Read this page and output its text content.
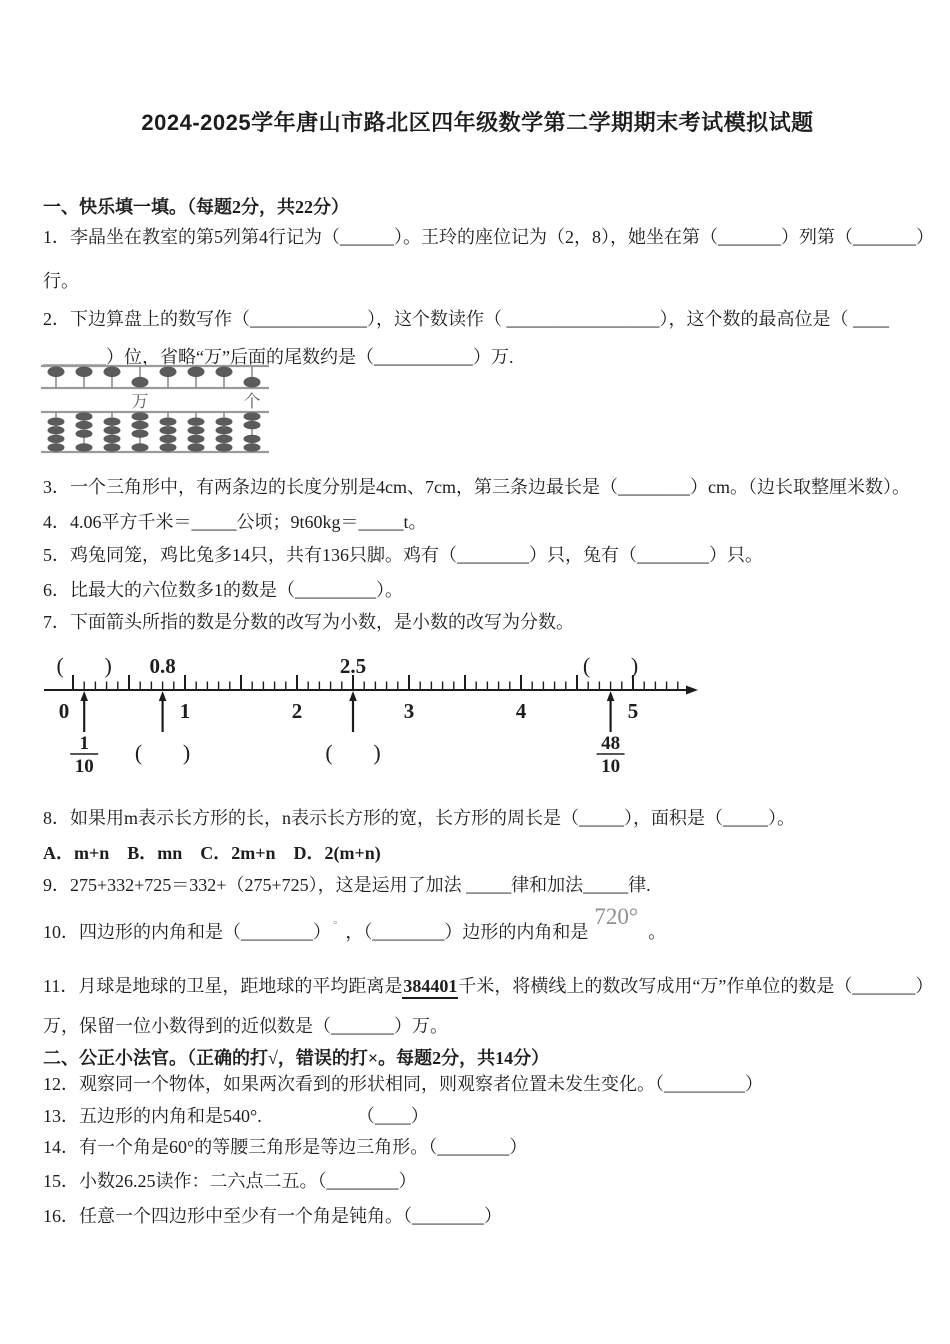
2024-2025学年唐山市路北区四年级数学第二学期期末考试模拟试题
一、快乐填一填。（每题2分，共22分）
1．李晶坐在教室的第5列第4行记为（______）。王玲的座位记为（2，8），她坐在第（_______）列第（_______）
行。
2．下边算盘上的数写作（_____________），这个数读作（ _________________），这个数的最高位是（ ____
_______）位，省略“万”后面的尾数约是（___________）万.
万	个
3．一个三角形中，有两条边的长度分别是4cm、7cm，第三条边最长是（________）cm。（边长取整厘米数）。
4．4.06平方千米＝_____公顷；9t60kg＝_____t。
5．鸡兔同笼，鸡比兔多14只，共有136只脚。鸡有（________）只，兔有（________）只。
6．比最大的六位数多1的数是（_________）。
7．下面箭头所指的数是分数的改写为小数，是小数的改写为分数。
0	1	2	3	4	5
( ) 0.8	2.5	( )
1
10
( )	( )	48
10
8．如果用m表示长方形的长，n表示长方形的宽，长方形的周长是（_____），面积是（_____）。
A．m+n　B．mn　C．2m+n　D．2(m+n)
9．275+332+725＝332+（275+725），这是运用了加法 _____律和加法_____律.
10．四边形的内角和是（________） ° ，（________）边形的内角和是720°。
11．月球是地球的卫星，距地球的平均距离是384401千米，将横线上的数改写成用“万”作单位的数是（_______）
万，保留一位小数得到的近似数是（_______）万。
二、公正小法官。（正确的打√，错误的打×。每题2分，共14分）
12．观察同一个物体，如果两次看到的形状相同，则观察者位置未发生变化。（_________）
13．五边形的内角和是540°.	（____）
14．有一个角是60°的等腰三角形是等边三角形。（________）
15．小数26.25读作：二六点二五。（________）
16．任意一个四边形中至少有一个角是钝角。（________）
